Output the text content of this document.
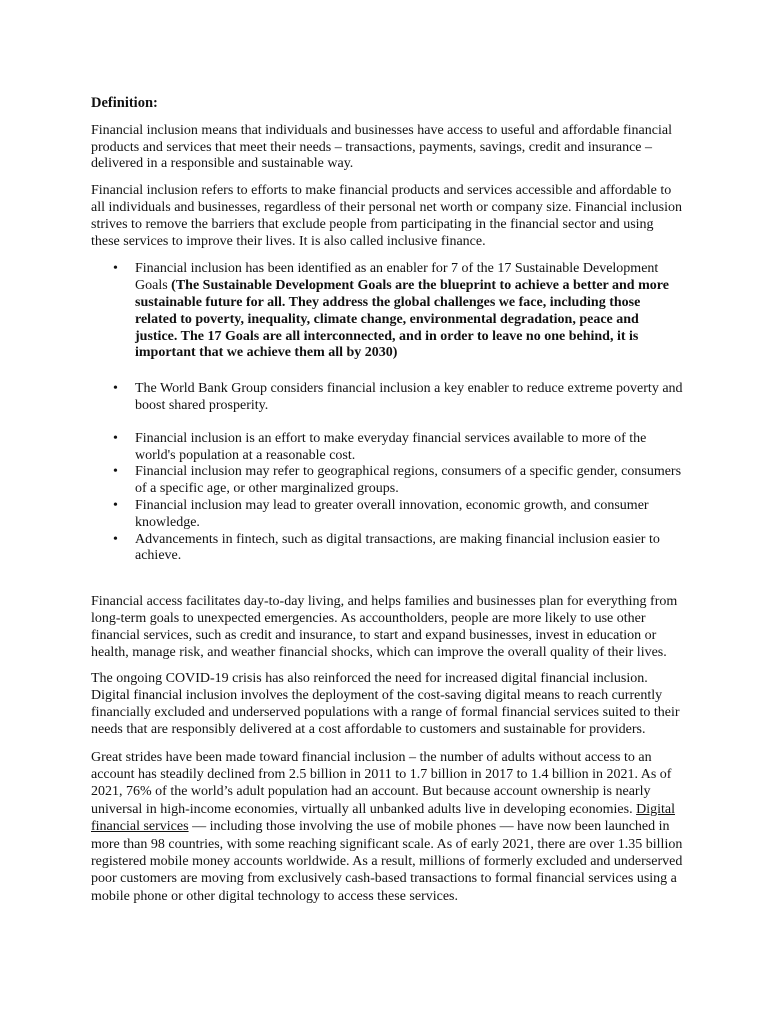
Definition:

Financial inclusion means that individuals and businesses have access to useful and affordable financial products and services that meet their needs – transactions, payments, savings, credit and insurance – delivered in a responsible and sustainable way.

Financial inclusion refers to efforts to make financial products and services accessible and affordable to all individuals and businesses, regardless of their personal net worth or company size. Financial inclusion strives to remove the barriers that exclude people from participating in the financial sector and using these services to improve their lives. It is also called inclusive finance.

• Financial inclusion has been identified as an enabler for 7 of the 17 Sustainable Development Goals (The Sustainable Development Goals are the blueprint to achieve a better and more sustainable future for all. They address the global challenges we face, including those related to poverty, inequality, climate change, environmental degradation, peace and justice. The 17 Goals are all interconnected, and in order to leave no one behind, it is important that we achieve them all by 2030)
• The World Bank Group considers financial inclusion a key enabler to reduce extreme poverty and boost shared prosperity.
• Financial inclusion is an effort to make everyday financial services available to more of the world's population at a reasonable cost.
• Financial inclusion may refer to geographical regions, consumers of a specific gender, consumers of a specific age, or other marginalized groups.
• Financial inclusion may lead to greater overall innovation, economic growth, and consumer knowledge.
• Advancements in fintech, such as digital transactions, are making financial inclusion easier to achieve.

Financial access facilitates day-to-day living, and helps families and businesses plan for everything from long-term goals to unexpected emergencies. As accountholders, people are more likely to use other financial services, such as credit and insurance, to start and expand businesses, invest in education or health, manage risk, and weather financial shocks, which can improve the overall quality of their lives.

The ongoing COVID-19 crisis has also reinforced the need for increased digital financial inclusion. Digital financial inclusion involves the deployment of the cost-saving digital means to reach currently financially excluded and underserved populations with a range of formal financial services suited to their needs that are responsibly delivered at a cost affordable to customers and sustainable for providers.

Great strides have been made toward financial inclusion – the number of adults without access to an account has steadily declined from 2.5 billion in 2011 to 1.7 billion in 2017 to 1.4 billion in 2021. As of 2021, 76% of the world’s adult population had an account. But because account ownership is nearly universal in high-income economies, virtually all unbanked adults live in developing economies. Digital financial services — including those involving the use of mobile phones — have now been launched in more than 98 countries, with some reaching significant scale. As of early 2021, there are over 1.35 billion registered mobile money accounts worldwide. As a result, millions of formerly excluded and underserved poor customers are moving from exclusively cash-based transactions to formal financial services using a mobile phone or other digital technology to access these services.
